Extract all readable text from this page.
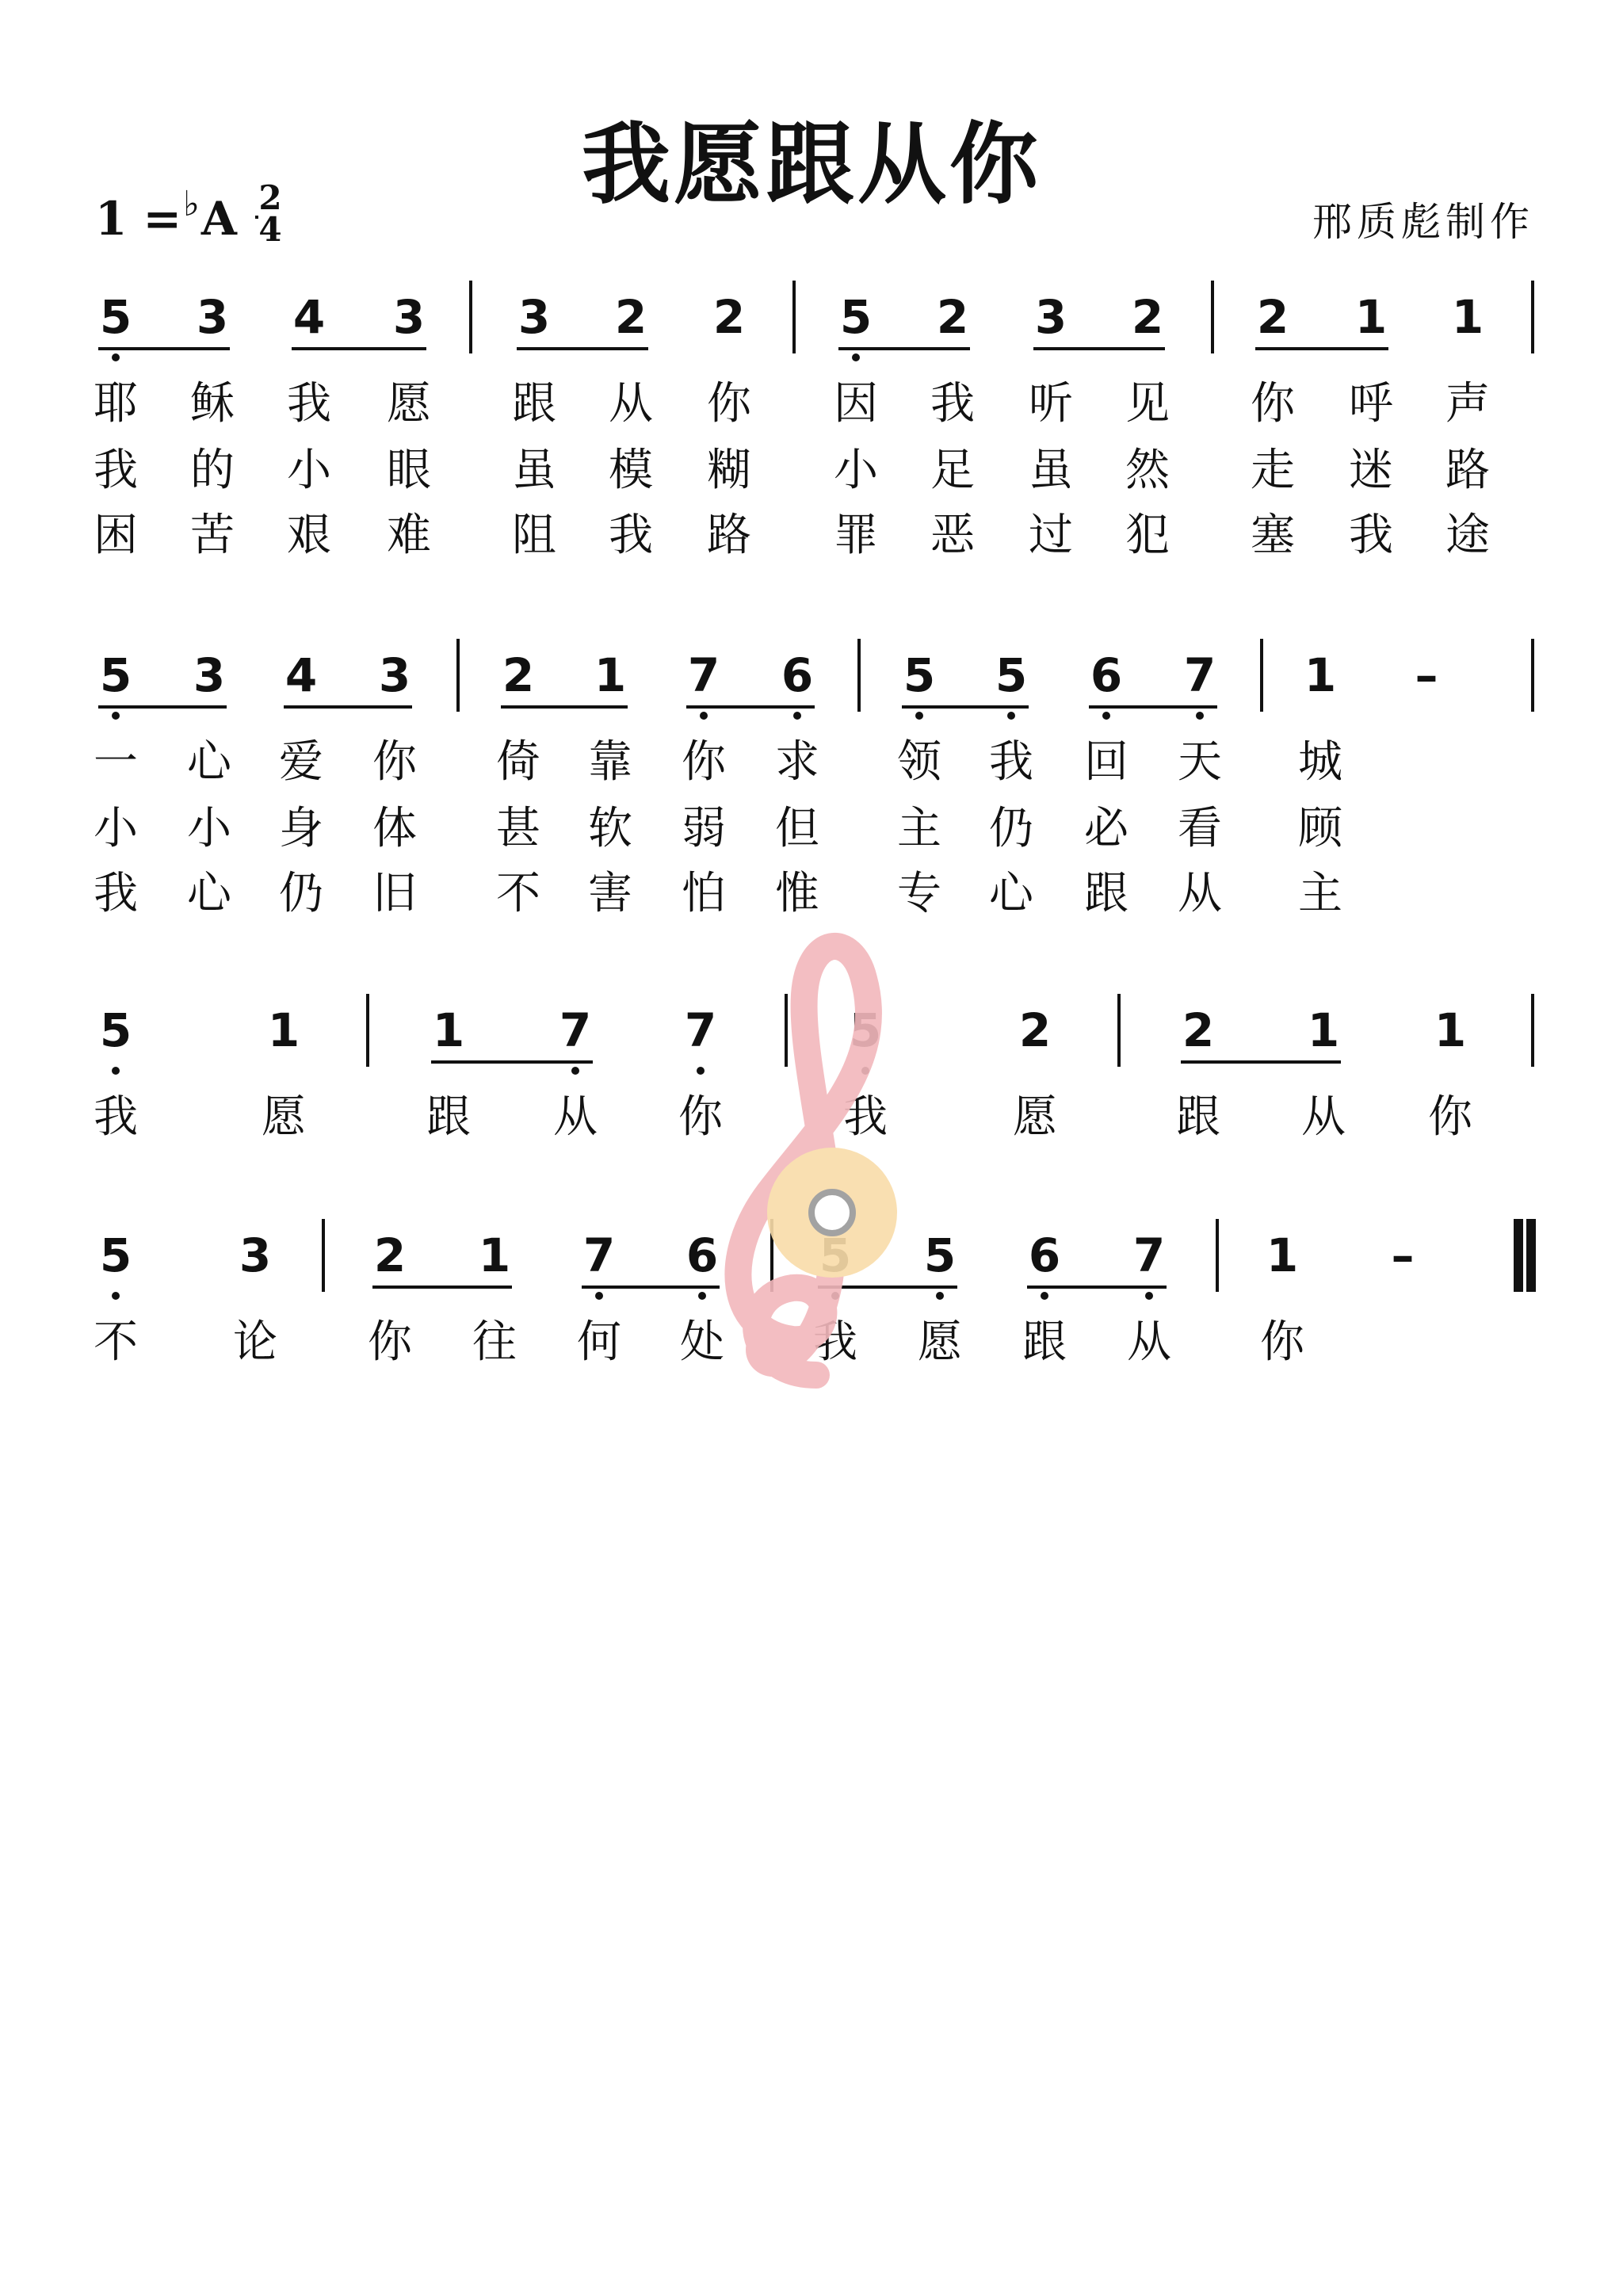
我愿跟从你
1 =♭A 2
4	邢质彪制作
5 3 4 3 3 2 2 5 2 3 2 2 1 1
耶 稣 我 愿 跟 从 你 因 我 听 见 你 呼 声
我 的 小 眼 虽 模 糊 小 足 虽 然 走 迷 路
困 苦 艰 难 阻 我 路 罪 恶 过 犯 塞 我 途
5 3 4 3 2 1 7 6 5 5 6 7 1	–
一 心 爱 你 倚 靠 你 求 领 我 回 天 城
小 小 身 体 甚 软 弱 但 主 仍 必 看 顾
我 心 仍 旧 不 害 怕 惟 专 心 跟 从 主
5	1	1 7 7	5	2	2 1 1
我	愿	跟 从 你	我	愿	跟 从 你
5 3 2 1 7 6	5 6 7 1	–
不 论 你 往 何 处 我 愿 跟 从 你
